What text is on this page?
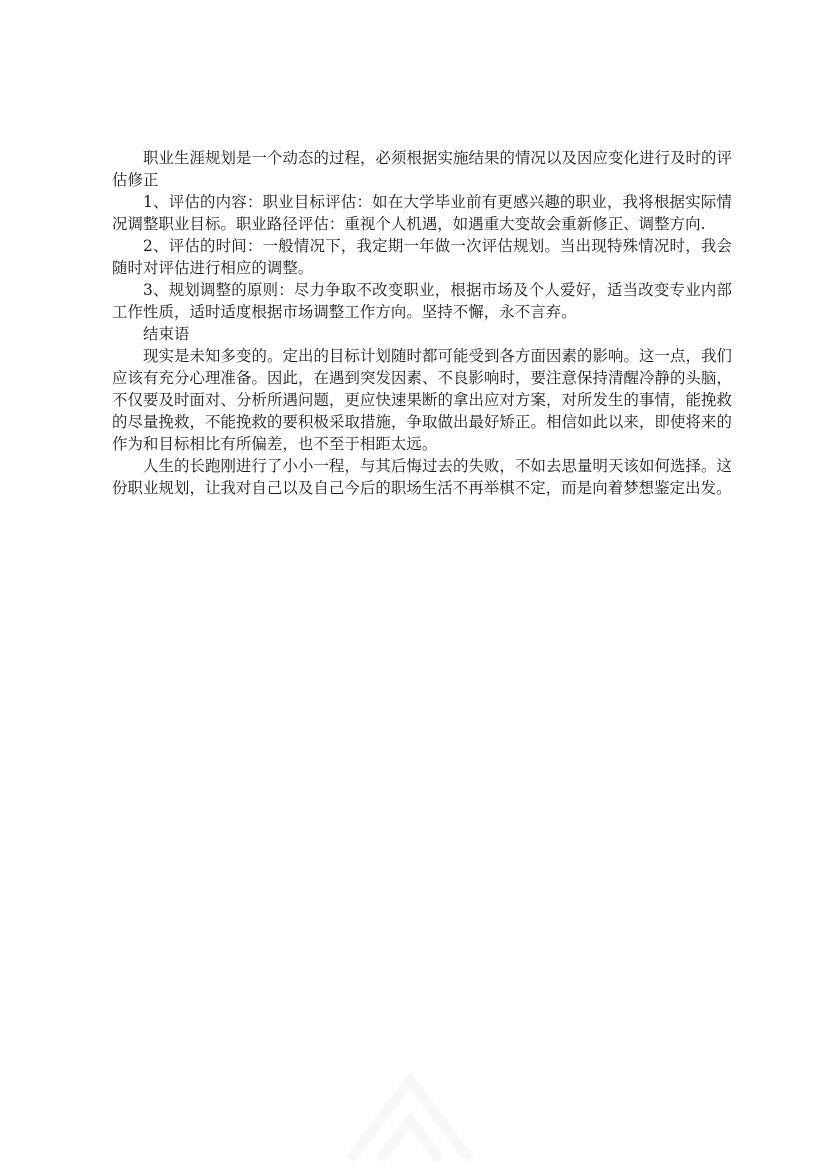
职业生涯规划是一个动态的过程，必须根据实施结果的情况以及因应变化进行及时的评估修正

1、评估的内容：职业目标评估：如在大学毕业前有更感兴趣的职业，我将根据实际情况调整职业目标。职业路径评估：重视个人机遇，如遇重大变故会重新修正、调整方向.

2、评估的时间：一般情况下，我定期一年做一次评估规划。当出现特殊情况时，我会随时对评估进行相应的调整。

3、规划调整的原则：尽力争取不改变职业，根据市场及个人爱好，适当改变专业内部工作性质，适时适度根据市场调整工作方向。坚持不懈，永不言弃。

结束语

现实是未知多变的。定出的目标计划随时都可能受到各方面因素的影响。这一点，我们应该有充分心理准备。因此，在遇到突发因素、不良影响时，要注意保持清醒冷静的头脑，不仅要及时面对、分析所遇问题，更应快速果断的拿出应对方案，对所发生的事情，能挽救的尽量挽救，不能挽救的要积极采取措施，争取做出最好矫正。相信如此以来，即使将来的作为和目标相比有所偏差，也不至于相距太远。

人生的长跑刚进行了小小一程，与其后悔过去的失败，不如去思量明天该如何选择。这份职业规划，让我对自己以及自己今后的职场生活不再举棋不定，而是向着梦想鉴定出发。
